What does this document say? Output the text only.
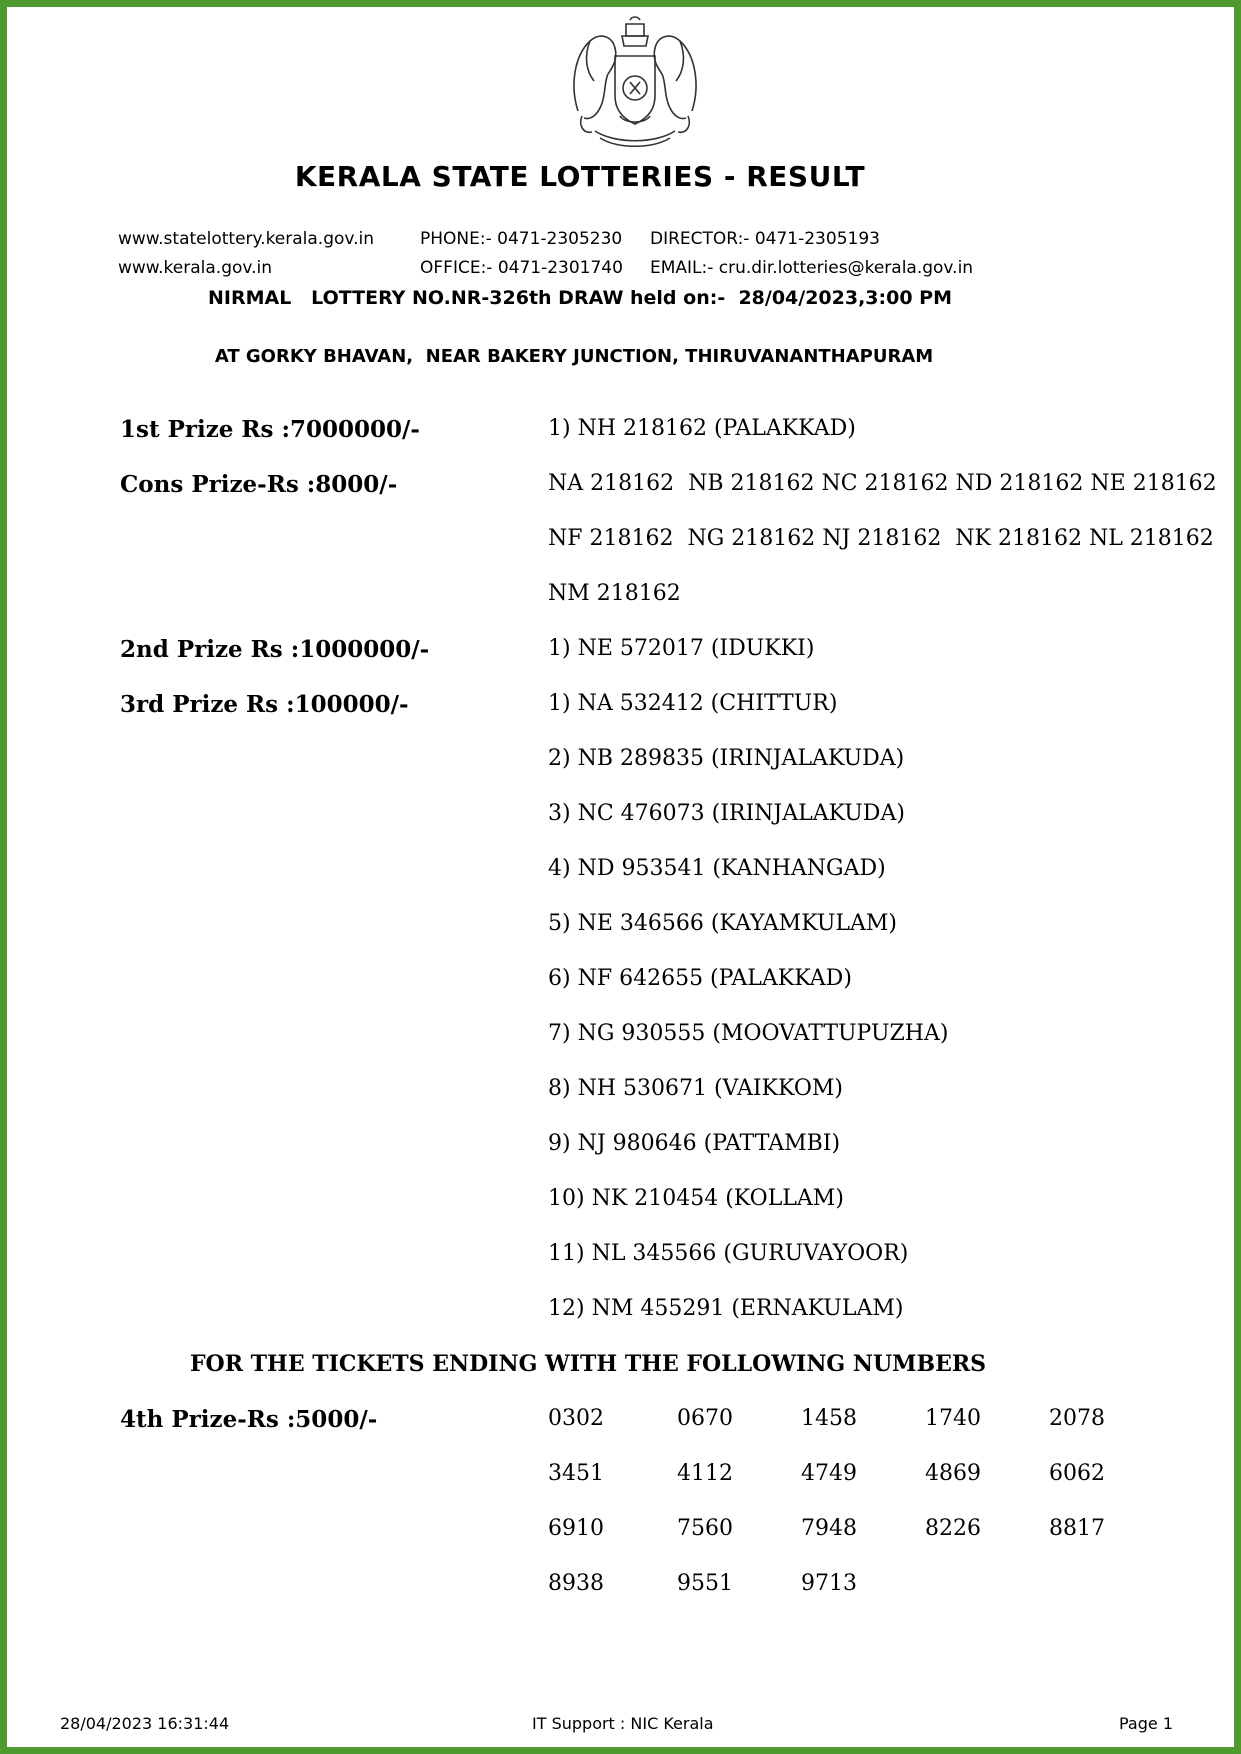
KERALA STATE LOTTERIES - RESULT
www.statelottery.kerala.gov.in
www.kerala.gov.in
PHONE:- 0471-2305230
OFFICE:- 0471-2301740
DIRECTOR:- 0471-2305193
EMAIL:- cru.dir.lotteries@kerala.gov.in
NIRMAL   LOTTERY NO.NR-326th DRAW held on:-  28/04/2023,3:00 PM
AT GORKY BHAVAN,  NEAR BAKERY JUNCTION, THIRUVANANTHAPURAM
1st Prize Rs :7000000/-	1) NH 218162 (PALAKKAD)
Cons Prize-Rs :8000/-	NA 218162  NB 218162 NC 218162 ND 218162 NE 218162
NF 218162  NG 218162 NJ 218162  NK 218162 NL 218162
NM 218162
2nd Prize Rs :1000000/-	1) NE 572017 (IDUKKI)
3rd Prize Rs :100000/-	1) NA 532412 (CHITTUR)
2) NB 289835 (IRINJALAKUDA)
3) NC 476073 (IRINJALAKUDA)
4) ND 953541 (KANHANGAD)
5) NE 346566 (KAYAMKULAM)
6) NF 642655 (PALAKKAD)
7) NG 930555 (MOOVATTUPUZHA)
8) NH 530671 (VAIKKOM)
9) NJ 980646 (PATTAMBI)
10) NK 210454 (KOLLAM)
11) NL 345566 (GURUVAYOOR)
12) NM 455291 (ERNAKULAM)
FOR THE TICKETS ENDING WITH THE FOLLOWING NUMBERS
4th Prize-Rs :5000/-	0302	0670	1458	1740	2078
3451	4112	4749	4869	6062
6910	7560	7948	8226	8817
8938	9551	9713
28/04/2023 16:31:44	IT Support : NIC Kerala	Page 1
